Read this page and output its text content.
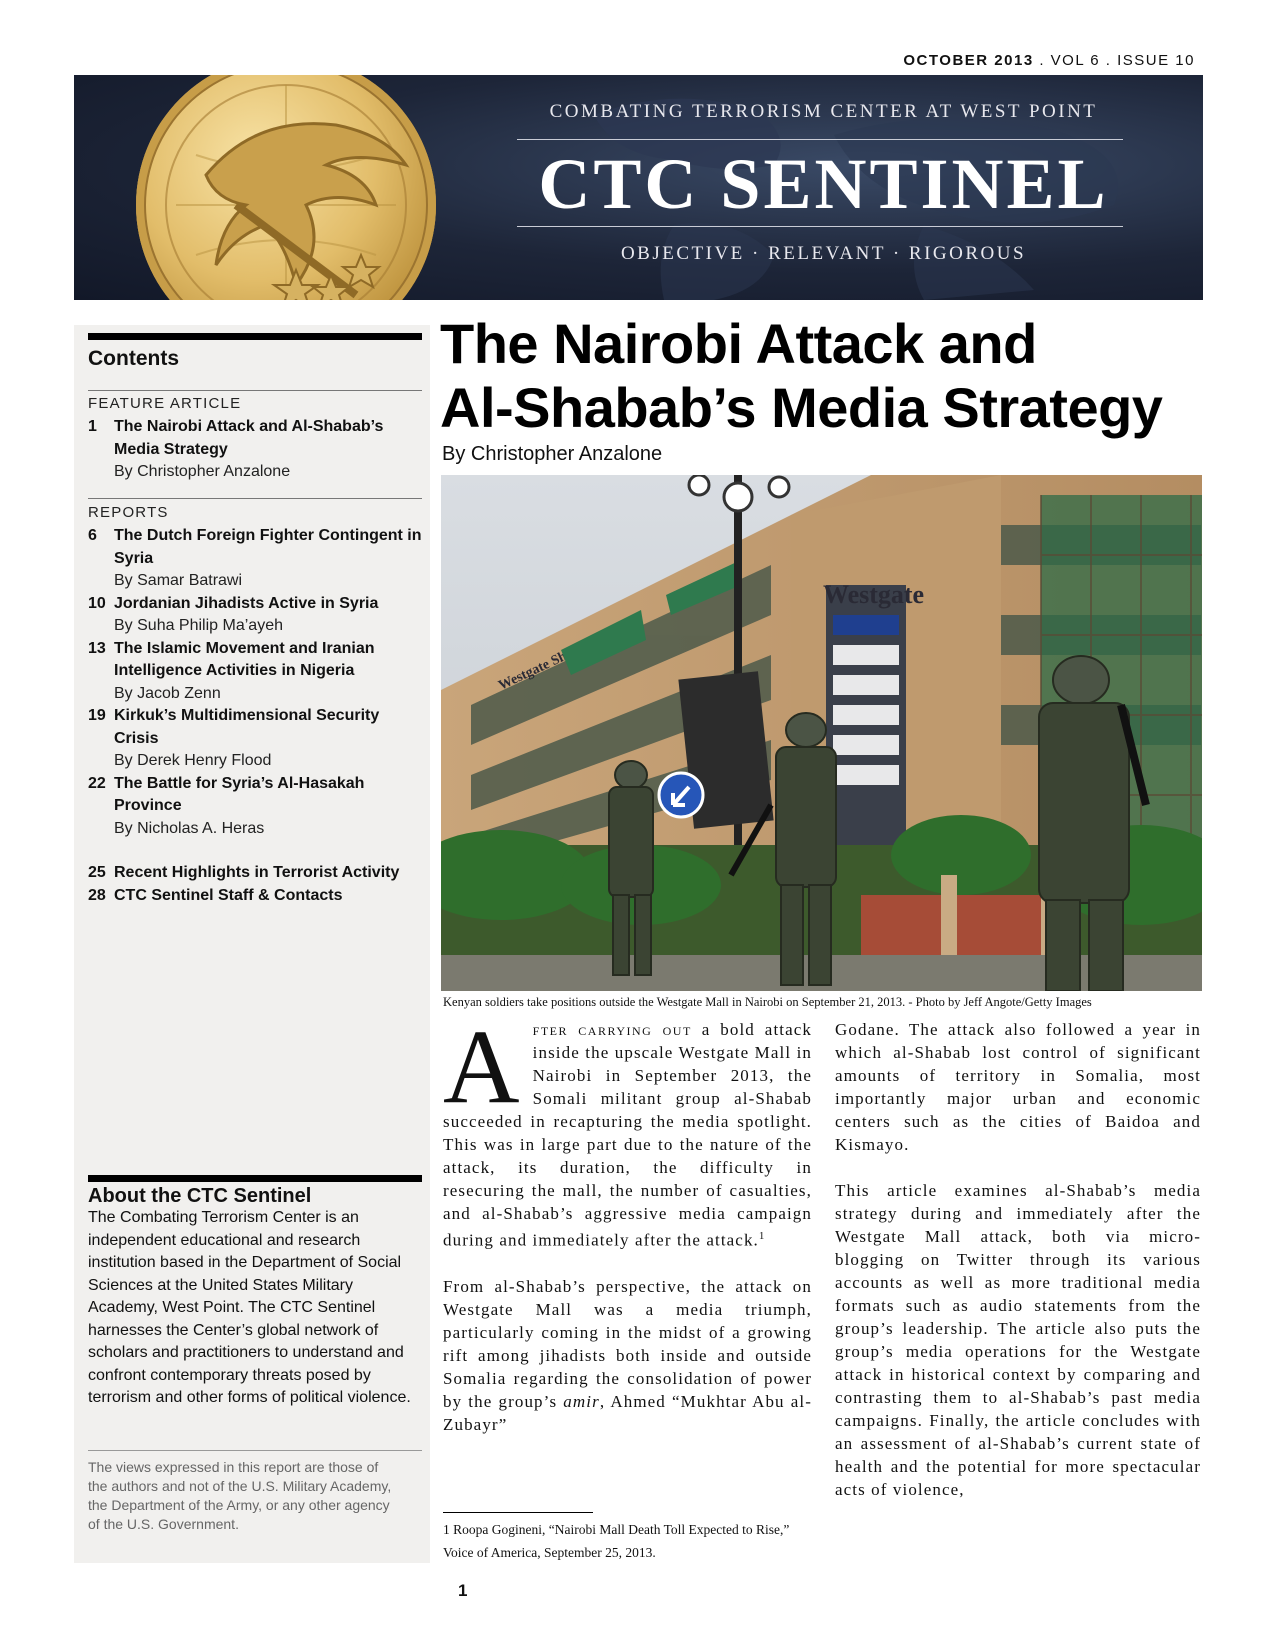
OCTOBER 2013 . VOL 6 . ISSUE 10
COMBATING TERRORISM CENTER AT WEST POINT
CTC SENTINEL
OBJECTIVE · RELEVANT · RIGOROUS
Contents
FEATURE ARTICLE
1 The Nairobi Attack and Al-Shabab’s Media Strategy
By Christopher Anzalone
REPORTS
6 The Dutch Foreign Fighter Contingent in Syria
By Samar Batrawi
10 Jordanian Jihadists Active in Syria
By Suha Philip Ma’ayeh
13 The Islamic Movement and Iranian Intelligence Activities in Nigeria
By Jacob Zenn
19 Kirkuk’s Multidimensional Security Crisis
By Derek Henry Flood
22 The Battle for Syria’s Al-Hasakah Province
By Nicholas A. Heras
25 Recent Highlights in Terrorist Activity
28 CTC Sentinel Staff & Contacts
About the CTC Sentinel
The Combating Terrorism Center is an independent educational and research institution based in the Department of Social Sciences at the United States Military Academy, West Point. The CTC Sentinel harnesses the Center’s global network of scholars and practitioners to understand and confront contemporary threats posed by terrorism and other forms of political violence.
The views expressed in this report are those of the authors and not of the U.S. Military Academy, the Department of the Army, or any other agency of the U.S. Government.
The Nairobi Attack and
Al-Shabab’s Media Strategy
By Christopher Anzalone
Westgate
Westgate
Kenyan soldiers take positions outside the Westgate Mall in Nairobi on September 21, 2013. - Photo by Jeff Angote/Getty Images

After carrying out a bold attack inside the upscale Westgate Mall in Nairobi in September 2013, the Somali militant group al-Shabab succeeded in recapturing the media spotlight. This was in large part due to the nature of the attack, its duration, the difficulty in resecuring the mall, the number of casualties, and al-Shabab’s aggressive media campaign during and immediately after the attack.$^1$

From al-Shabab’s perspective, the attack on Westgate Mall was a media triumph, particularly coming in the midst of a growing rift among jihadists both inside and outside Somalia regarding the consolidation of power by the group’s amir, Ahmed “Mukhtar Abu al-Zubayr”

1 Roopa Gogineni, “Nairobi Mall Death Toll Expected to Rise,” Voice of America, September 25, 2013.

Godane. The attack also followed a year in which al-Shabab lost control of significant amounts of territory in Somalia, most importantly major urban and economic centers such as the cities of Baidoa and Kismayo.

This article examines al-Shabab’s media strategy during and immediately after the Westgate Mall attack, both via micro-blogging on Twitter through its various accounts as well as more traditional media formats such as audio statements from the group’s leadership. The article also puts the group’s media operations for the Westgate attack in historical context by comparing and contrasting them to al-Shabab’s past media campaigns. Finally, the article concludes with an assessment of al-Shabab’s current state of health and the potential for more spectacular acts of violence,

1
